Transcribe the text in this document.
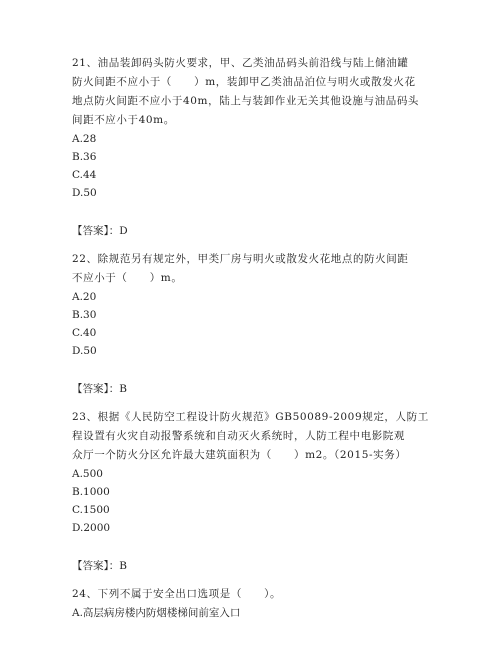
21、油品装卸码头防火要求，甲、乙类油品码头前沿线与陆上储油罐
防火间距不应小于（　　）m，装卸甲乙类油品泊位与明火或散发火花
地点防火间距不应小于40m，陆上与装卸作业无关其他设施与油品码头
间距不应小于40m。
A.28
B.36
C.44
D.50
【答案】：D
22、除规范另有规定外，甲类厂房与明火或散发火花地点的防火间距
不应小于（　　）m。
A.20
B.30
C.40
D.50
【答案】：B
23、根据《人民防空工程设计防火规范》GB50089-2009规定，人防工
程设置有火灾自动报警系统和自动灭火系统时，人防工程中电影院观
众厅一个防火分区允许最大建筑面积为（　　）m2。（2015-实务）
A.500
B.1000
C.1500
D.2000
【答案】：B
24、下列不属于安全出口选项是（　　）。
A.高层病房楼内防烟楼梯间前室入口
